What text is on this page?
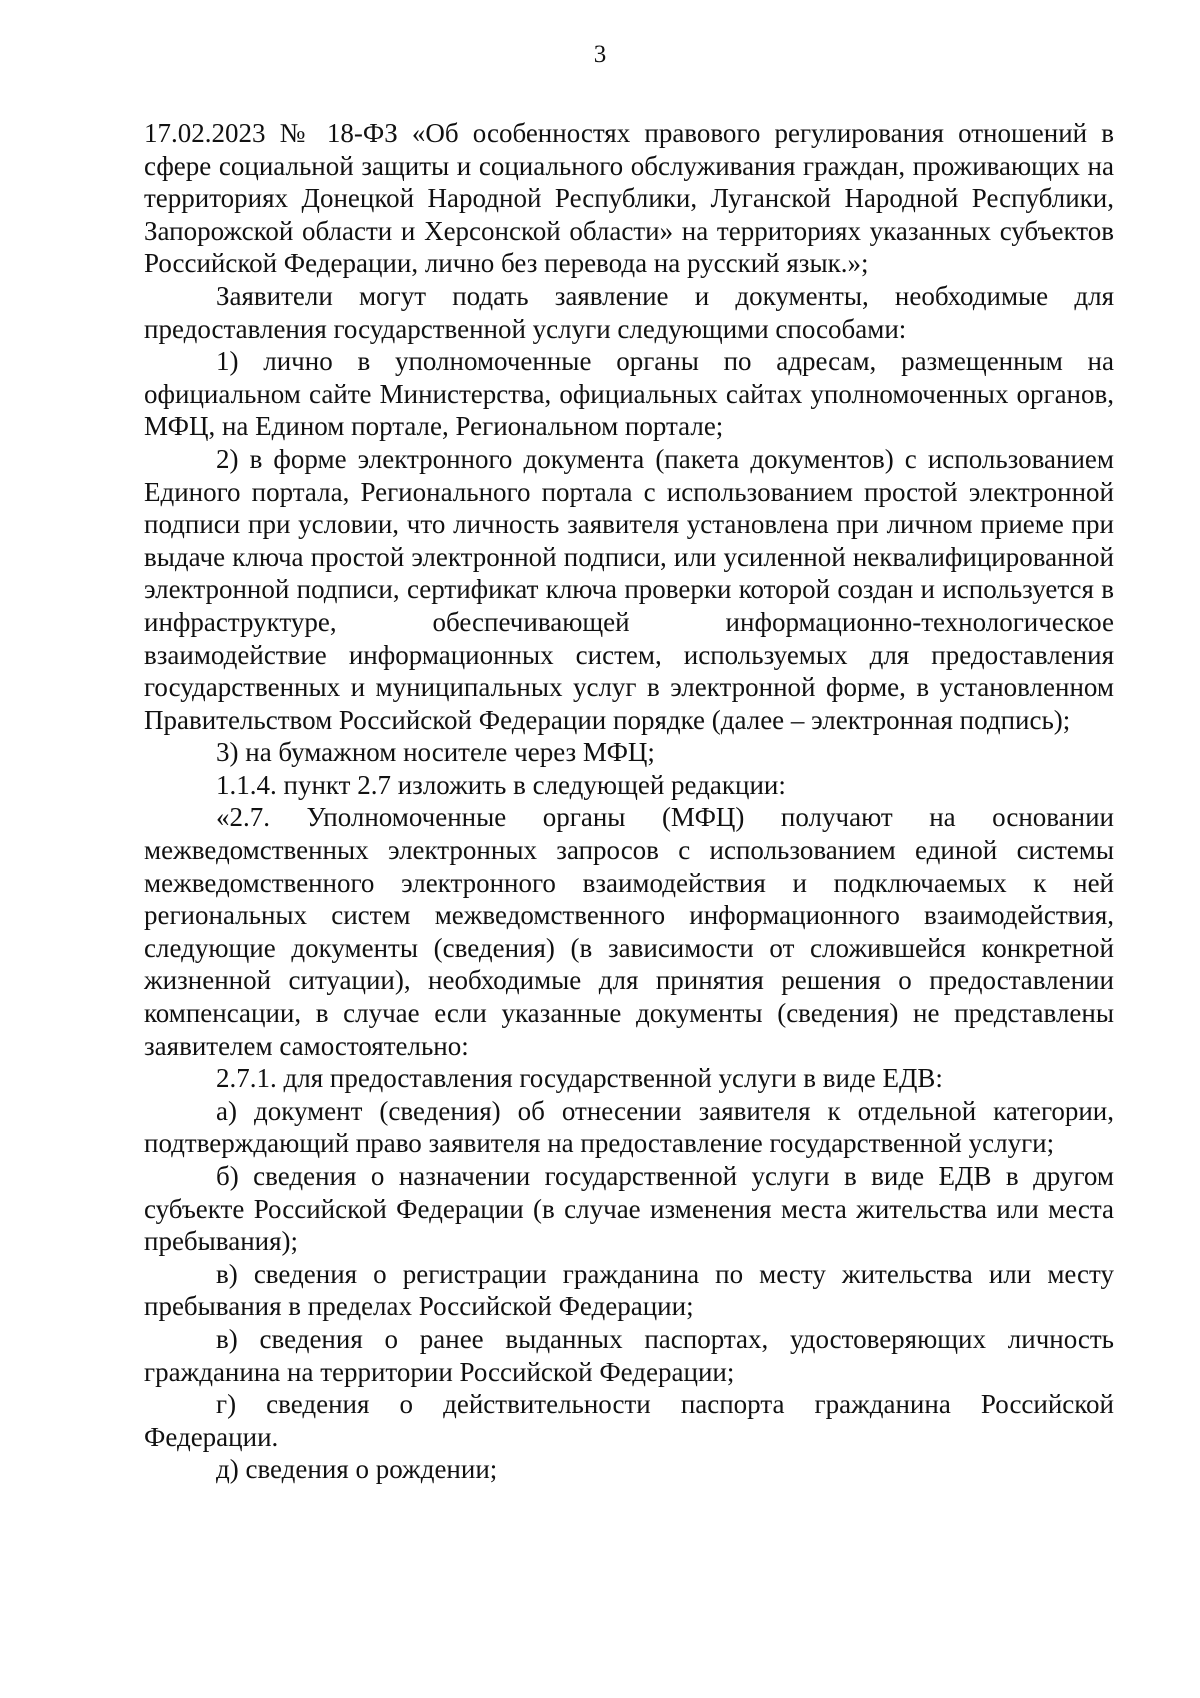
3

17.02.2023 № 18-ФЗ «Об особенностях правового регулирования отношений в сфере социальной защиты и социального обслуживания граждан, проживающих на территориях Донецкой Народной Республики, Луганской Народной Республики, Запорожской области и Херсонской области» на территориях указанных субъектов Российской Федерации, лично без перевода на русский язык.»;

Заявители могут подать заявление и документы, необходимые для предоставления государственной услуги следующими способами:

1) лично в уполномоченные органы по адресам, размещенным на официальном сайте Министерства, официальных сайтах уполномоченных органов, МФЦ, на Едином портале, Региональном портале;

2) в форме электронного документа (пакета документов) с использованием Единого портала, Регионального портала с использованием простой электронной подписи при условии, что личность заявителя установлена при личном приеме при выдаче ключа простой электронной подписи, или усиленной неквалифицированной электронной подписи, сертификат ключа проверки которой создан и используется в инфраструктуре, обеспечивающей информационно-технологическое взаимодействие информационных систем, используемых для предоставления государственных и муниципальных услуг в электронной форме, в установленном Правительством Российской Федерации порядке (далее – электронная подпись);

3) на бумажном носителе через МФЦ;

1.1.4. пункт 2.7 изложить в следующей редакции:

«2.7. Уполномоченные органы (МФЦ) получают на основании межведомственных электронных запросов с использованием единой системы межведомственного электронного взаимодействия и подключаемых к ней региональных систем межведомственного информационного взаимодействия, следующие документы (сведения) (в зависимости от сложившейся конкретной жизненной ситуации), необходимые для принятия решения о предоставлении компенсации, в случае если указанные документы (сведения) не представлены заявителем самостоятельно:

2.7.1. для предоставления государственной услуги в виде ЕДВ:

а) документ (сведения) об отнесении заявителя к отдельной категории, подтверждающий право заявителя на предоставление государственной услуги;

б) сведения о назначении государственной услуги в виде ЕДВ в другом субъекте Российской Федерации (в случае изменения места жительства или места пребывания);

в) сведения о регистрации гражданина по месту жительства или месту пребывания в пределах Российской Федерации;

в) сведения о ранее выданных паспортах, удостоверяющих личность гражданина на территории Российской Федерации;

г) сведения о действительности паспорта гражданина Российской Федерации.

д) сведения о рождении;
